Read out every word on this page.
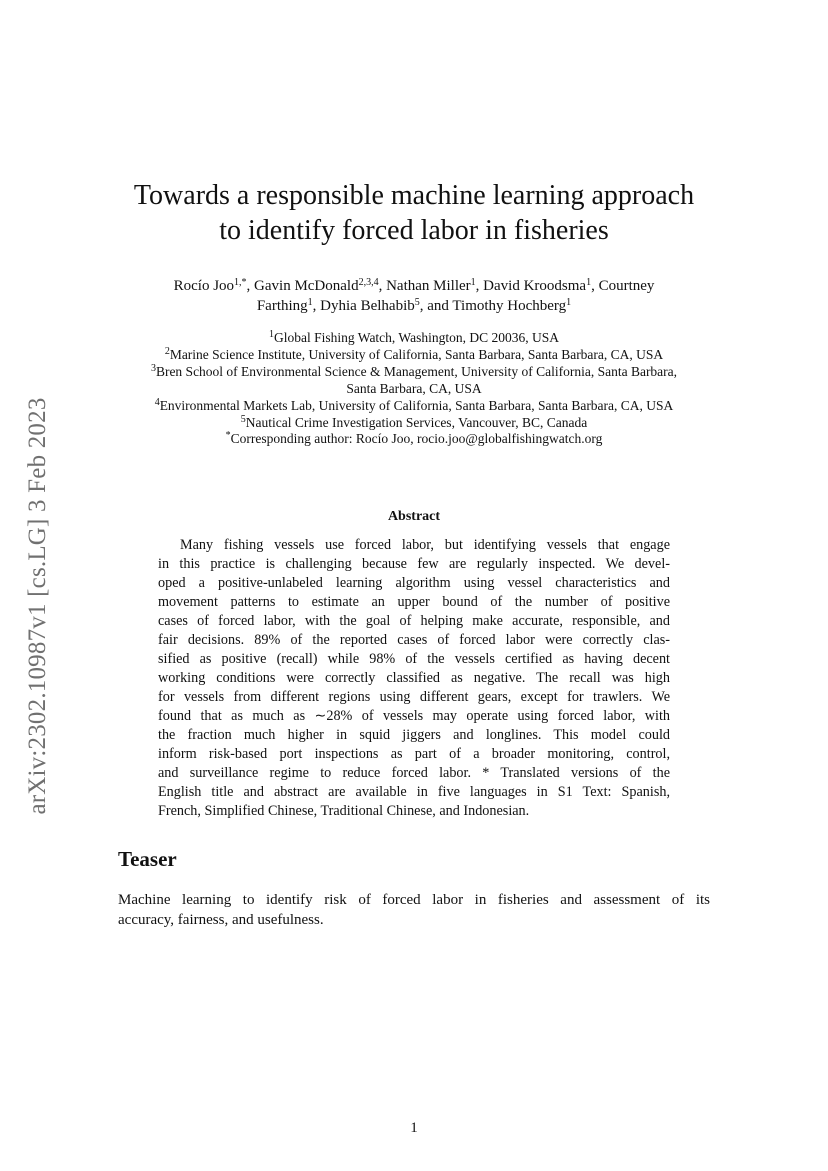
arXiv:2302.10987v1 [cs.LG] 3 Feb 2023
Towards a responsible machine learning approach
to identify forced labor in fisheries
Rocío Joo$^{1,*}$, Gavin McDonald$^{2,3,4}$, Nathan Miller$^1$, David Kroodsma$^1$, Courtney
Farthing$^1$, Dyhia Belhabib$^5$, and Timothy Hochberg$^1$
$^1$Global Fishing Watch, Washington, DC 20036, USA
$^2$Marine Science Institute, University of California, Santa Barbara, Santa Barbara, CA, USA
$^3$Bren School of Environmental Science & Management, University of California, Santa Barbara,
Santa Barbara, CA, USA
$^4$Environmental Markets Lab, University of California, Santa Barbara, Santa Barbara, CA, USA
$^5$Nautical Crime Investigation Services, Vancouver, BC, Canada
*Corresponding author: Rocío Joo, rocio.joo@globalfishingwatch.org
Abstract
Many fishing vessels use forced labor, but identifying vessels that engage
in this practice is challenging because few are regularly inspected. We devel-
oped a positive-unlabeled learning algorithm using vessel characteristics and
movement patterns to estimate an upper bound of the number of positive
cases of forced labor, with the goal of helping make accurate, responsible, and
fair decisions. 89% of the reported cases of forced labor were correctly clas-
sified as positive (recall) while 98% of the vessels certified as having decent
working conditions were correctly classified as negative. The recall was high
for vessels from different regions using different gears, except for trawlers. We
found that as much as ∼28% of vessels may operate using forced labor, with
the fraction much higher in squid jiggers and longlines. This model could
inform risk-based port inspections as part of a broader monitoring, control,
and surveillance regime to reduce forced labor. * Translated versions of the
English title and abstract are available in five languages in S1 Text: Spanish,
French, Simplified Chinese, Traditional Chinese, and Indonesian.
Teaser
Machine learning to identify risk of forced labor in fisheries and assessment of its
accuracy, fairness, and usefulness.
1
